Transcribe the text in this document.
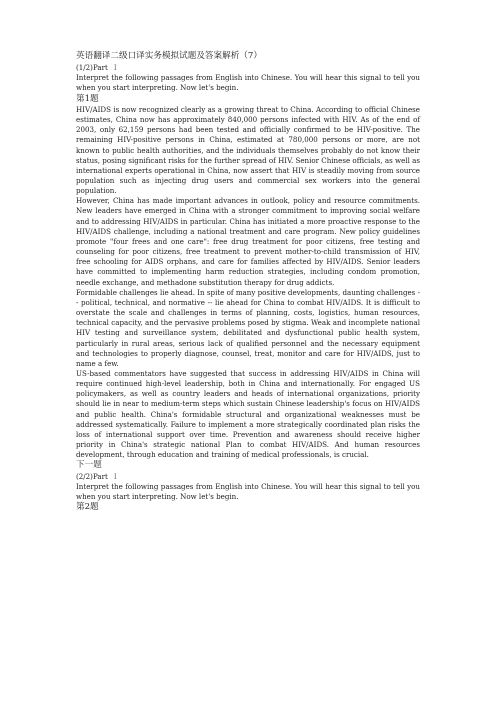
英语翻译二级口译实务模拟试题及答案解析（7）

(1/2)Part Ⅰ

Interpret the following passages from English into Chinese. You will hear this signal to tell you when you start interpreting. Now let's begin.

第1题

HIV/AIDS is now recognized clearly as a growing threat to China. According to official Chinese estimates, China now has approximately 840,000 persons infected with HIV. As of the end of 2003, only 62,159 persons had been tested and officially confirmed to be HIV-positive. The remaining HIV-positive persons in China, estimated at 780,000 persons or more, are not known to public health authorities, and the individuals themselves probably do not know their status, posing significant risks for the further spread of HIV. Senior Chinese officials, as well as international experts operational in China, now assert that HIV is steadily moving from source population such as injecting drug users and commercial sex workers into the general population.

However, China has made important advances in outlook, policy and resource commitments. New leaders have emerged in China with a stronger commitment to improving social welfare and to addressing HIV/AIDS in particular. China has initiated a more proactive response to the HIV/AIDS challenge, including a national treatment and care program. New policy guidelines promote "four frees and one care": free drug treatment for poor citizens, free testing and counseling for poor citizens, free treatment to prevent mother-to-child transmission of HIV, free schooling for AIDS orphans, and care for families affected by HIV/AIDS. Senior leaders have committed to implementing harm reduction strategies, including condom promotion, needle exchange, and methadone substitution therapy for drug addicts.

Formidable challenges lie ahead. In spite of many positive developments, daunting challenges -- political, technical, and normative -- lie ahead for China to combat HIV/AIDS. It is difficult to overstate the scale and challenges in terms of planning, costs, logistics, human resources, technical capacity, and the pervasive problems posed by stigma. Weak and incomplete national HIV testing and surveillance system, debilitated and dysfunctional public health system, particularly in rural areas, serious lack of qualified personnel and the necessary equipment and technologies to properly diagnose, counsel, treat, monitor and care for HIV/AIDS, just to name a few.

US-based commentators have suggested that success in addressing HIV/AIDS in China will require continued high-level leadership, both in China and internationally. For engaged US policymakers, as well as country leaders and heads of international organizations, priority should lie in near to medium-term steps which sustain Chinese leadership's focus on HIV/AIDS and public health. China's formidable structural and organizational weaknesses must be addressed systematically. Failure to implement a more strategically coordinated plan risks the loss of international support over time. Prevention and awareness should receive higher priority in China's strategic national Plan to combat HIV/AIDS. And human resources development, through education and training of medical professionals, is crucial.

下一题

(2/2)Part Ⅰ

Interpret the following passages from English into Chinese. You will hear this signal to tell you when you start interpreting. Now let's begin.

第2题
